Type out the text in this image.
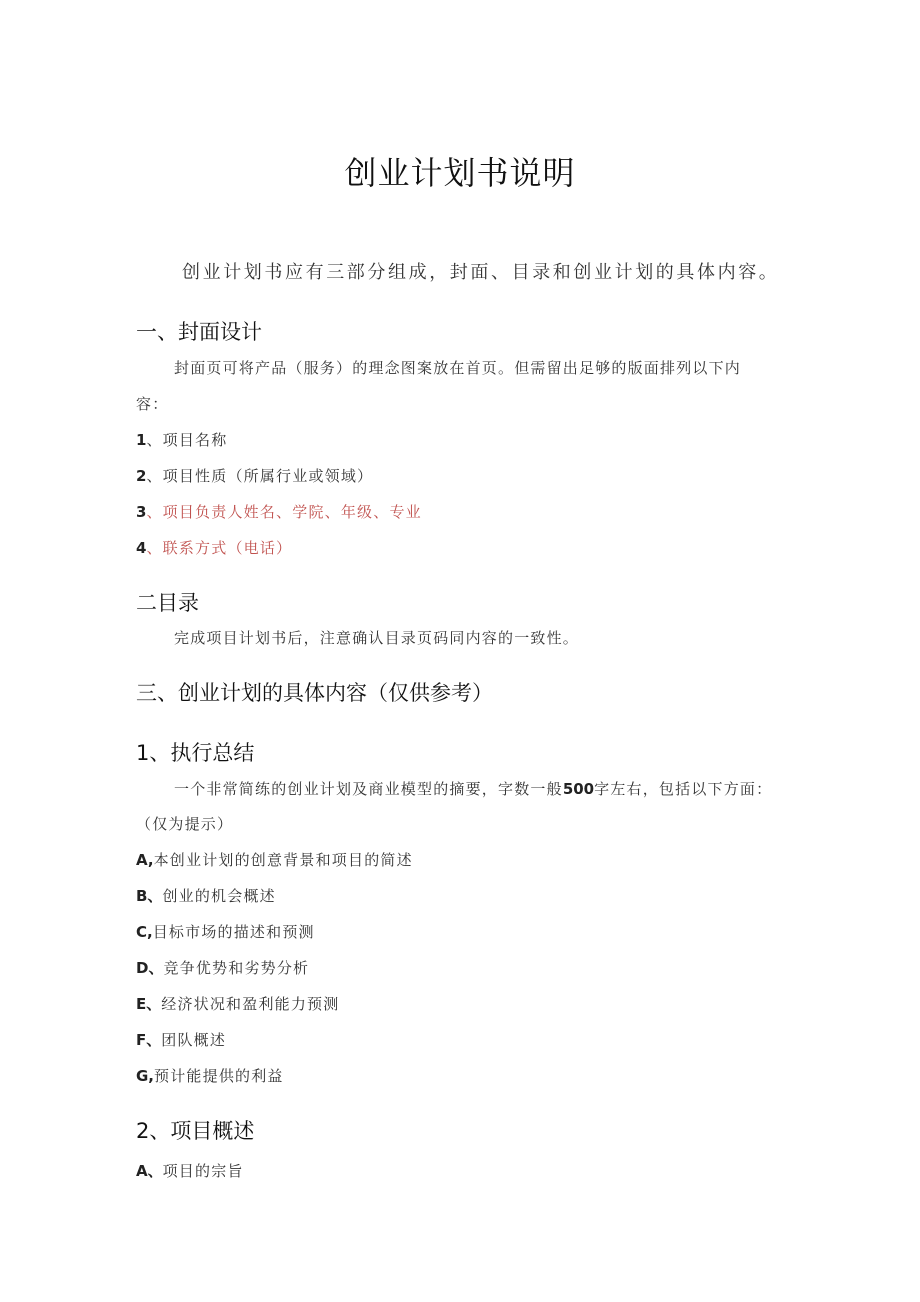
创业计划书说明
创业计划书应有三部分组成，封面、目录和创业计划的具体内容。
一、封面设计
封面页可将产品（服务）的理念图案放在首页。但需留出足够的版面排列以下内
容：
1、项目名称
2、项目性质（所属行业或领域）
3、项目负责人姓名、学院、年级、专业
4、联系方式（电话）
二目录
完成项目计划书后，注意确认目录页码同内容的一致性。
三、创业计划的具体内容（仅供参考）
1、执行总结
一个非常简练的创业计划及商业模型的摘要，字数一般500字左右，包括以下方面：
（仅为提示）
A,本创业计划的创意背景和项目的简述
B、创业的机会概述
C,目标市场的描述和预测
D、竞争优势和劣势分析
E、经济状况和盈利能力预测
F、团队概述
G,预计能提供的利益
2、项目概述
A、项目的宗旨
